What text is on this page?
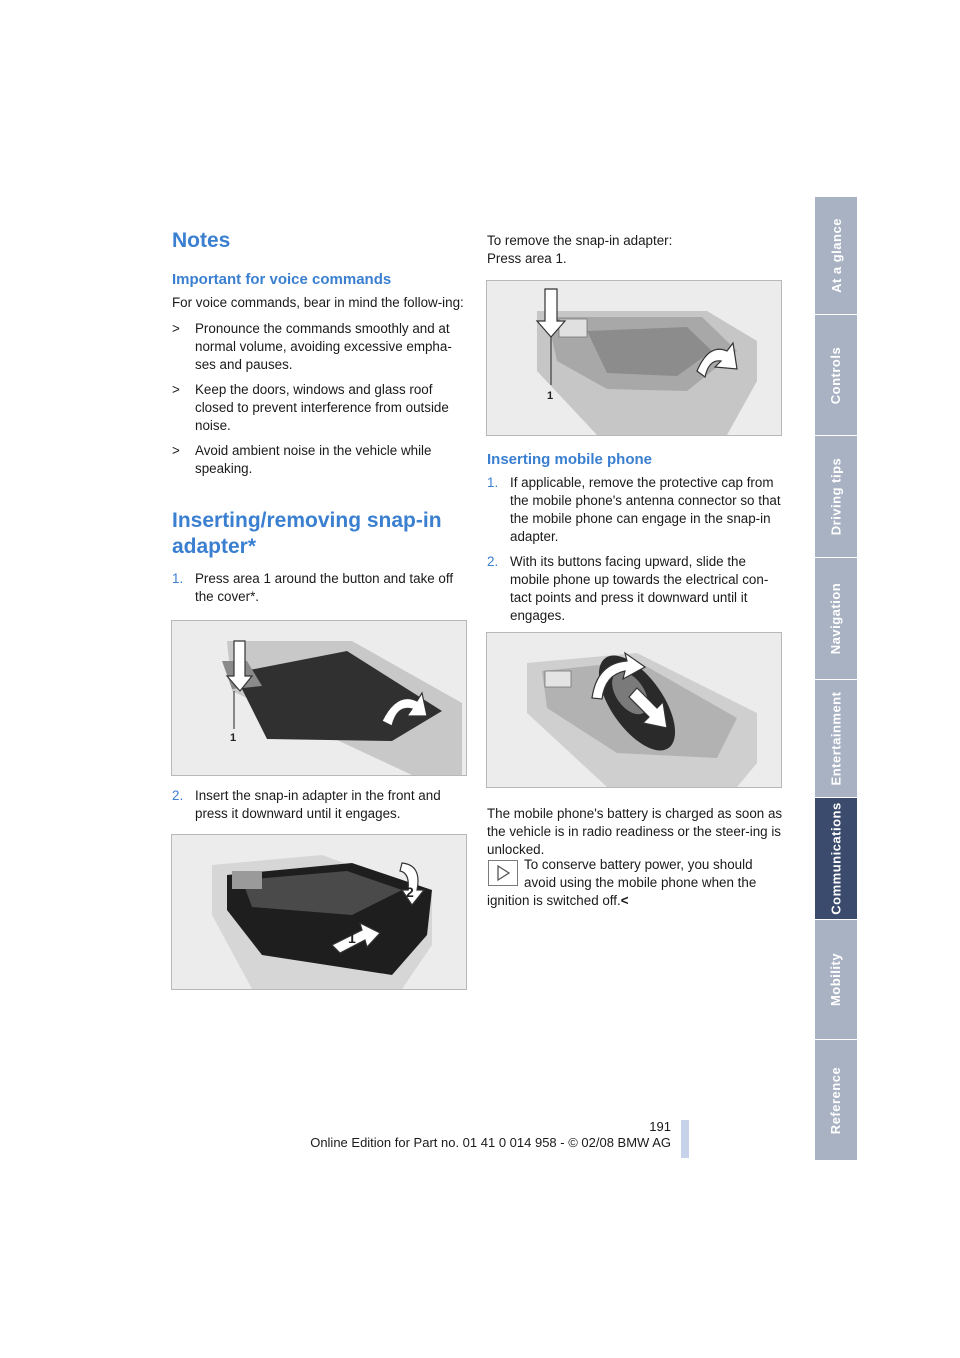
At a glance
Controls
Driving tips
Navigation
Entertainment
Communications
Mobility
Reference
Notes
Important for voice commands

For voice commands, bear in mind the follow-ing:

> Pronounce the commands smoothly and at normal volume, avoiding excessive empha-ses and pauses.

> Keep the doors, windows and glass roof closed to prevent interference from outside noise.

> Avoid ambient noise in the vehicle while speaking.

Inserting/removing snap-in adapter*

1. Press area 1 around the button and take off the cover*.

1

2. Insert the snap-in adapter in the front and press it downward until it engages.

2
1

To remove the snap-in adapter:

Press area 1.

1
Inserting mobile phone

1. If applicable, remove the protective cap from the mobile phone's antenna connector so that the mobile phone can engage in the snap-in adapter.

2. With its buttons facing upward, slide the mobile phone up towards the electrical con-tact points and press it downward until it engages.

The mobile phone's battery is charged as soon as the vehicle is in radio readiness or the steer-ing is unlocked.

To conserve battery power, you should

avoid using the mobile phone when the

ignition is switched off.<

191
Online Edition for Part no. 01 41 0 014 958 - © 02/08 BMW AG
